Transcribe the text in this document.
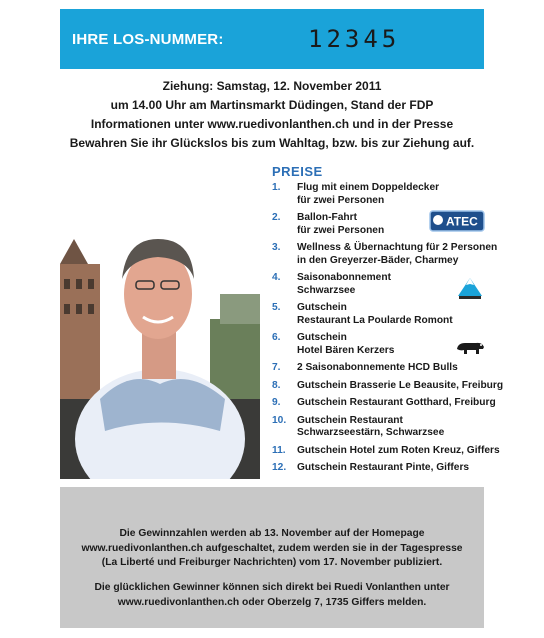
IHRE LOS-NUMMER:	12345
Ziehung: Samstag, 12. November 2011
um 14.00 Uhr am Martinsmarkt Düdingen, Stand der FDP
Informationen unter www.ruedivonlanthen.ch und in der Presse
Bewahren Sie ihr Glückslos bis zum Wahltag, bzw. bis zur Ziehung auf.
PREISE
1. Flug mit einem Doppeldecker
für zwei Personen
2. Ballon-Fahrt
für zwei Personen
3. Wellness & Übernachtung für 2 Personen
in den Greyerzer-Bäder, Charmey
4. Saisonabonnement
Schwarzsee
5. Gutschein
Restaurant La Poularde Romont
6. Gutschein
Hotel Bären Kerzers
7. 2 Saisonabonnemente HCD Bulls
8. Gutschein Brasserie Le Beausite, Freiburg
9. Gutschein Restaurant Gotthard, Freiburg
10. Gutschein Restaurant
Schwarzseestärn, Schwarzsee
11. Gutschein Hotel zum Roten Kreuz, Giffers
12. Gutschein Restaurant Pinte, Giffers
ATEC
Die Gewinnzahlen werden ab 13. November auf der Homepage
www.ruedivonlanthen.ch aufgeschaltet, zudem werden sie in der Tagespresse
(La Liberté und Freiburger Nachrichten) vom 17. November publiziert.
Die glücklichen Gewinner können sich direkt bei Ruedi Vonlanthen unter
www.ruedivonlanthen.ch oder Oberzelg 7, 1735 Giffers melden.
